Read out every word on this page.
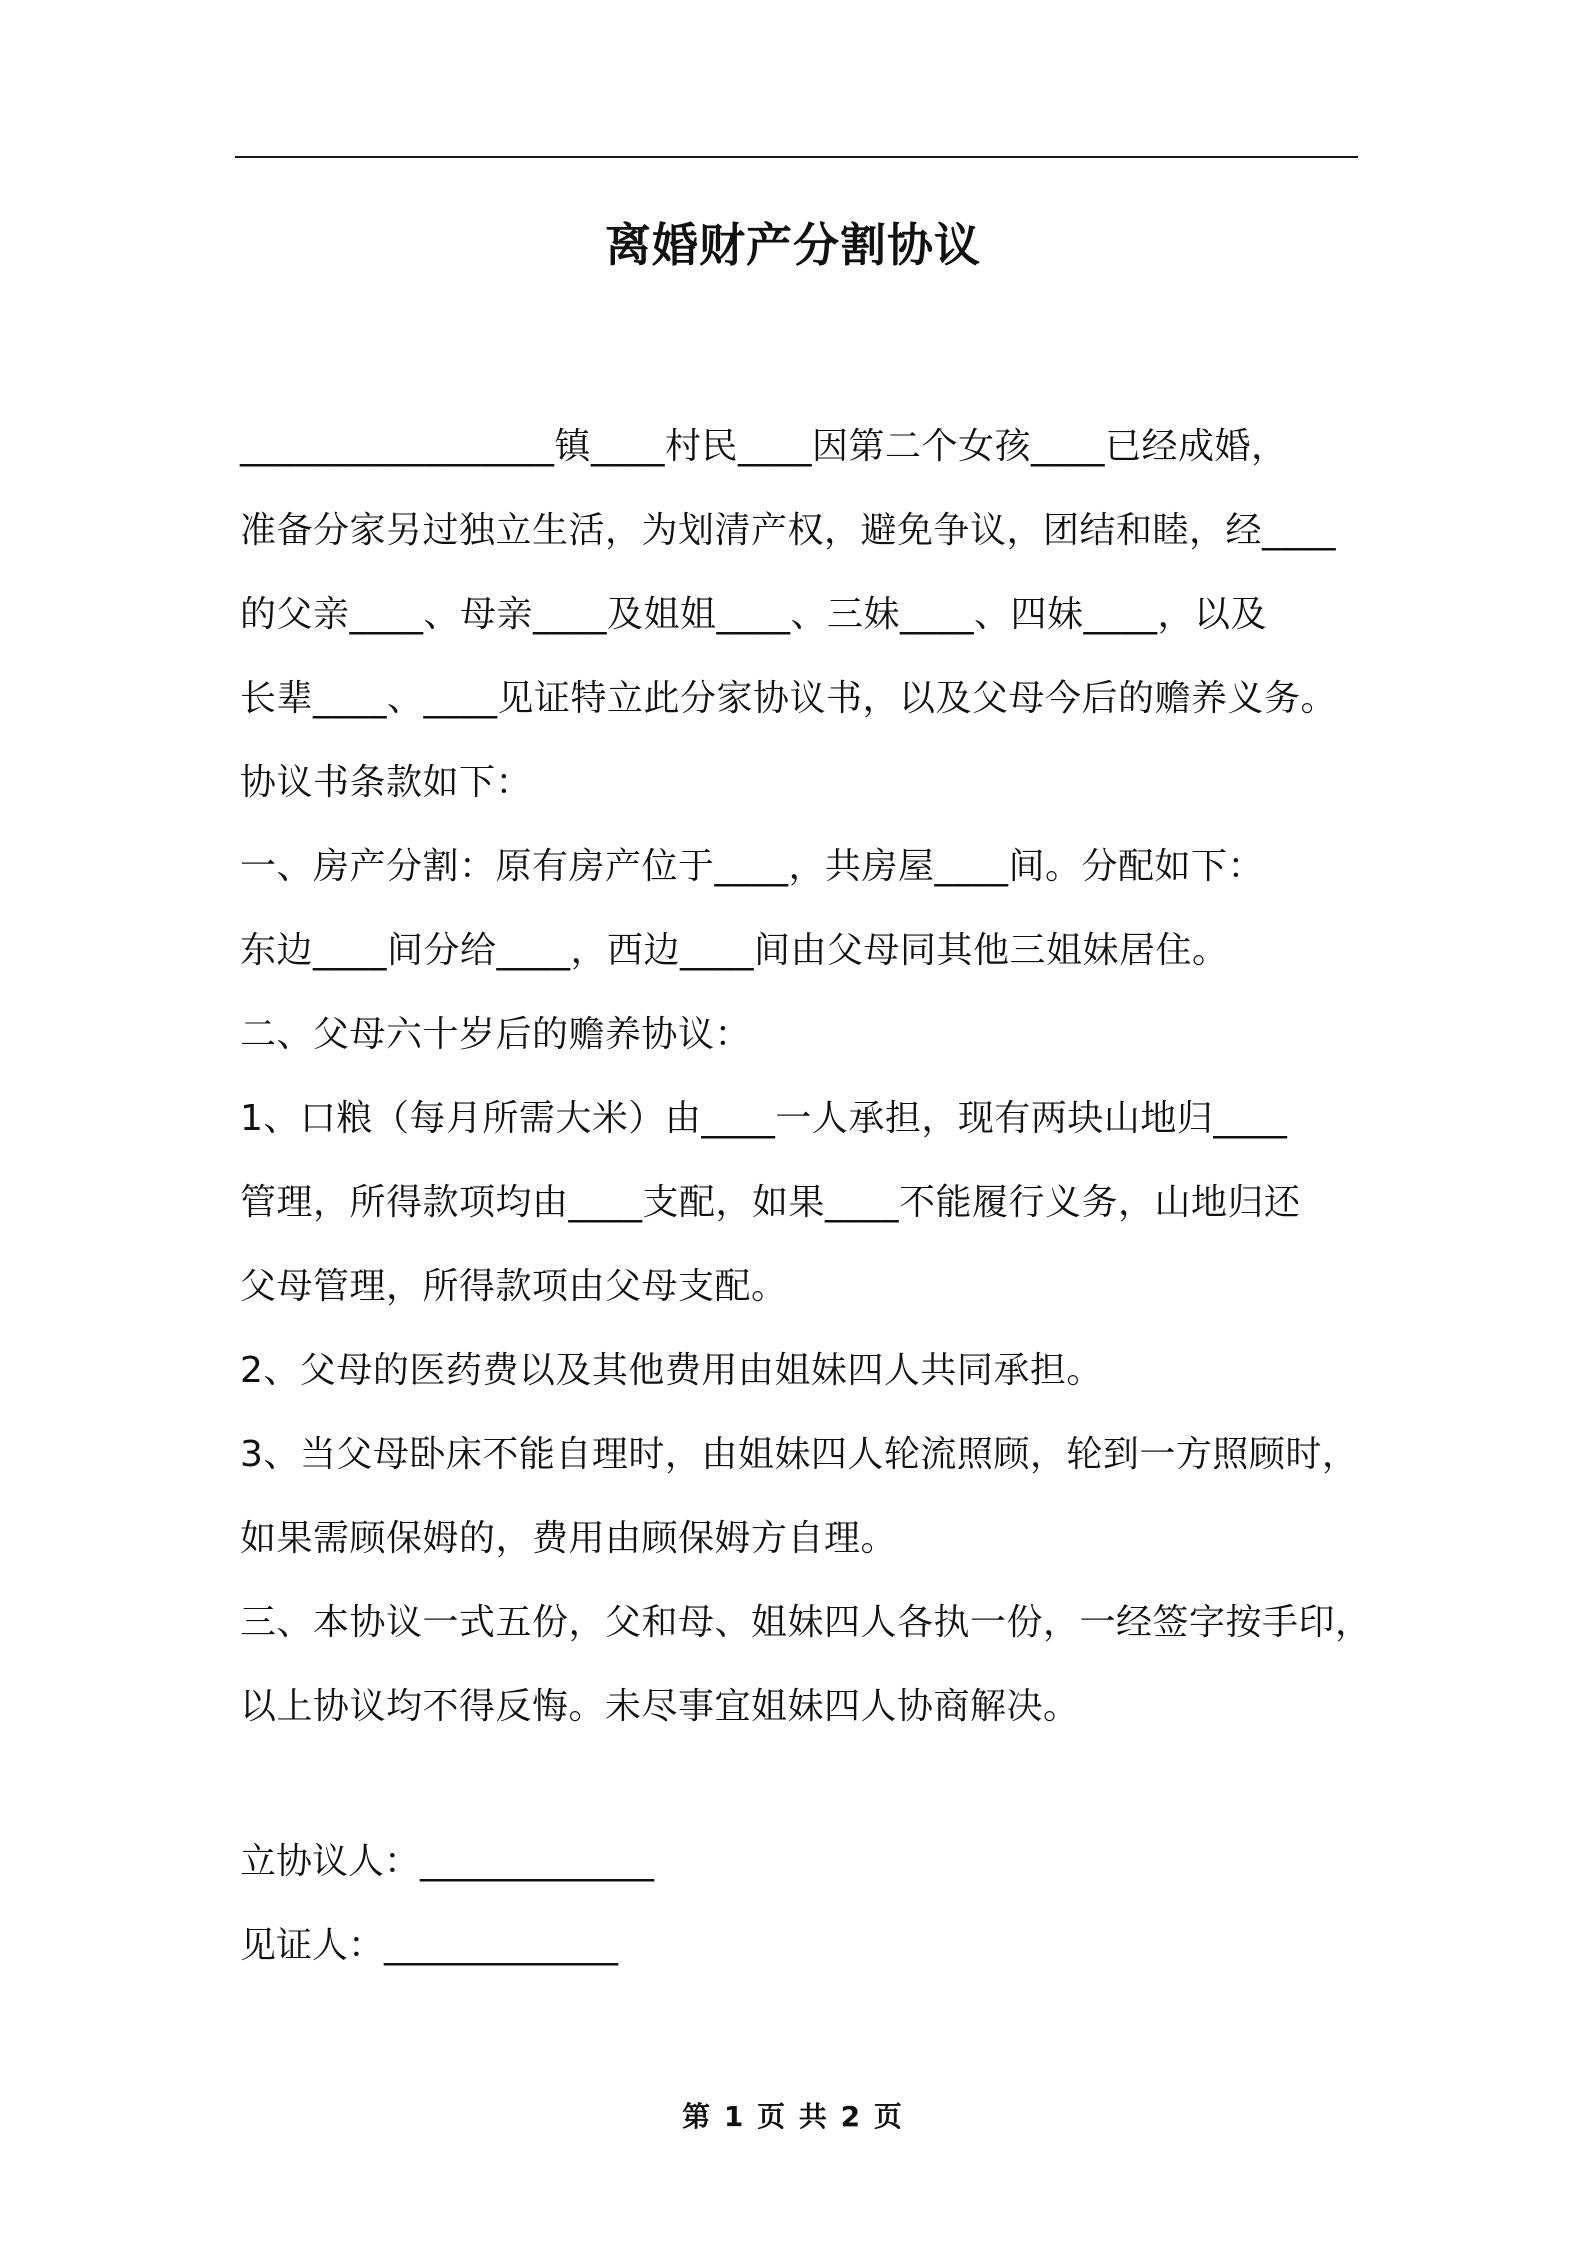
离婚财产分割协议
_________________镇____村民____因第二个女孩____已经成婚，
准备分家另过独立生活，为划清产权，避免争议，团结和睦，经____
的父亲____、母亲____及姐姐____、三妹____、四妹____，以及
长辈____、____见证特立此分家协议书，以及父母今后的赡养义务。
协议书条款如下：
一、房产分割：原有房产位于____，共房屋____间。分配如下：
东边____间分给____，西边____间由父母同其他三姐妹居住。
二、父母六十岁后的赡养协议：
1、口粮（每月所需大米）由____一人承担，现有两块山地归____
管理，所得款项均由____支配，如果____不能履行义务，山地归还
父母管理，所得款项由父母支配。
2、父母的医药费以及其他费用由姐妹四人共同承担。
3、当父母卧床不能自理时，由姐妹四人轮流照顾，轮到一方照顾时，
如果需顾保姆的，费用由顾保姆方自理。
三、本协议一式五份，父和母、姐妹四人各执一份，一经签字按手印，
以上协议均不得反悔。未尽事宜姐妹四人协商解决。
立协议人：_____________
见证人：_____________
第 1 页 共 2 页
